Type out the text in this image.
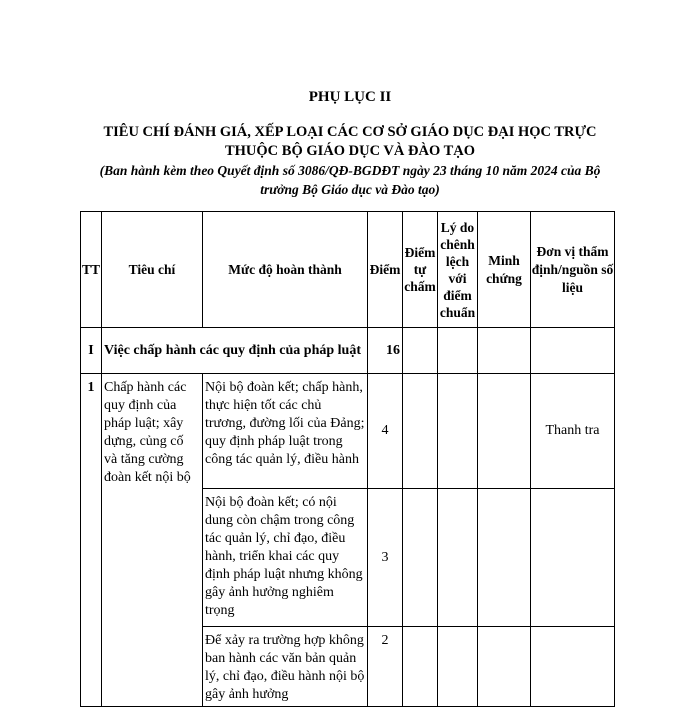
PHỤ LỤC II
TIÊU CHÍ ĐÁNH GIÁ, XẾP LOẠI CÁC CƠ SỞ GIÁO DỤC ĐẠI HỌC TRỰC
THUỘC BỘ GIÁO DỤC VÀ ĐÀO TẠO
(Ban hành kèm theo Quyết định số 3086/QĐ-BGDĐT ngày 23 tháng 10 năm 2024 của Bộ
trưởng Bộ Giáo dục và Đào tạo)
TT	Tiêu chí	Mức độ hoàn thành	Điểm	Điểm tự chấm	Lý do chênh lệch với điểm chuẩn	Minh chứng	Đơn vị thẩm định/nguồn số liệu
I	Việc chấp hành các quy định của pháp luật		16				
1	Chấp hành các quy định của pháp luật; xây dựng, củng cố và tăng cường đoàn kết nội bộ	Nội bộ đoàn kết; chấp hành, thực hiện tốt các chủ trương, đường lối của Đảng; quy định pháp luật trong công tác quản lý, điều hành	4				Thanh tra
		Nội bộ đoàn kết; có nội dung còn chậm trong công tác quản lý, chỉ đạo, điều hành, triển khai các quy định pháp luật nhưng không gây ảnh hưởng nghiêm trọng	3				
		Để xảy ra trường hợp không ban hành các văn bản quản lý, chỉ đạo, điều hành nội bộ gây ảnh hưởng	2				
